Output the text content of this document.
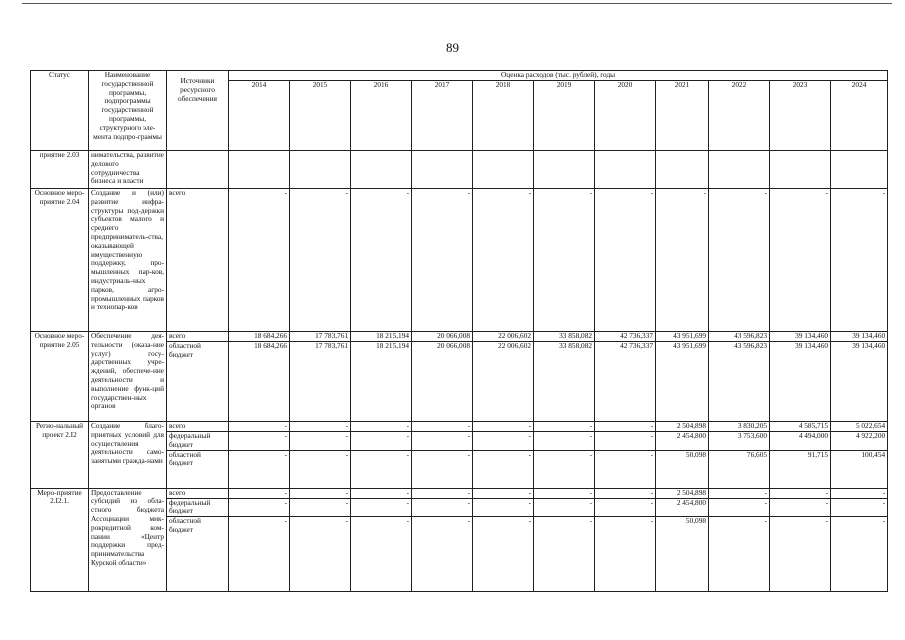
89
Статус	Наименование государственной программы, подпрограммы государственной программы, структурного эле-мента подпро-граммы	Источники ресурсного обеспечения	Оценка расходов (тыс. рублей), годы										
			2014	2015	2016	2017	2018	2019	2020	2021	2022	2023	2024
приятие 2.03	нимательства, развитие делового сотрудничества бизнеса и власти												
Основное меро-приятие 2.04	Создание и (или) развитие инфра-структуры под-держки субъектов малого и среднего предприниматель-ства, оказывающей имущественную поддержку, про-мышленных пар-ков, индустриаль-ных парков, агро-промышленных парков и технопар-ков	всего	-	-	-	-	-	-	-	-	-	-	-
Основное меро-приятие 2.05	Обеспечение дея-тельности (оказа-ние услуг) госу-дарственных учре-ждений, обеспече-ние деятельности и выполнение функ-ций государствен-ных органов	всего	18 684,266	17 783,761	18 215,194	20 066,008	22 006,602	33 858,082	42 736,337	43 951,699	43 596,823	39 134,460	39 134,460
		областной бюджет	18 684,266	17 783,761	18 215,194	20 066,008	22 006,602	33 858,082	42 736,337	43 951,699	43 596,823	39 134,460	39 134,460
Регио-нальный проект 2.I2	Создание благо-приятных условий для осуществления деятельности само-занятыми гражда-нами	всего	-	-	-	-	-	-	-	2 504,898	3 830,205	4 585,715	5 022,654
		федеральный бюджет	-	-	-	-	-	-	-	2 454,800	3 753,600	4 494,000	4 922,200
		областной бюджет	-	-	-	-	-	-	-	50,098	76,605	91,715	100,454
Меро-приятие 2.I2.1.	Предоставление субсидий из обла-стного бюджета Ассоциации мик-рокредитной ком-пании «Центр поддержки пред-принимательства Курской области»	всего	-	-	-	-	-	-	-	2 504,898	-	-	-
		федеральный бюджет	-	-	-	-	-	-	-	2 454,800	-	-	-
		областной бюджет	-	-	-	-	-	-	-	50,098	-	-	-
